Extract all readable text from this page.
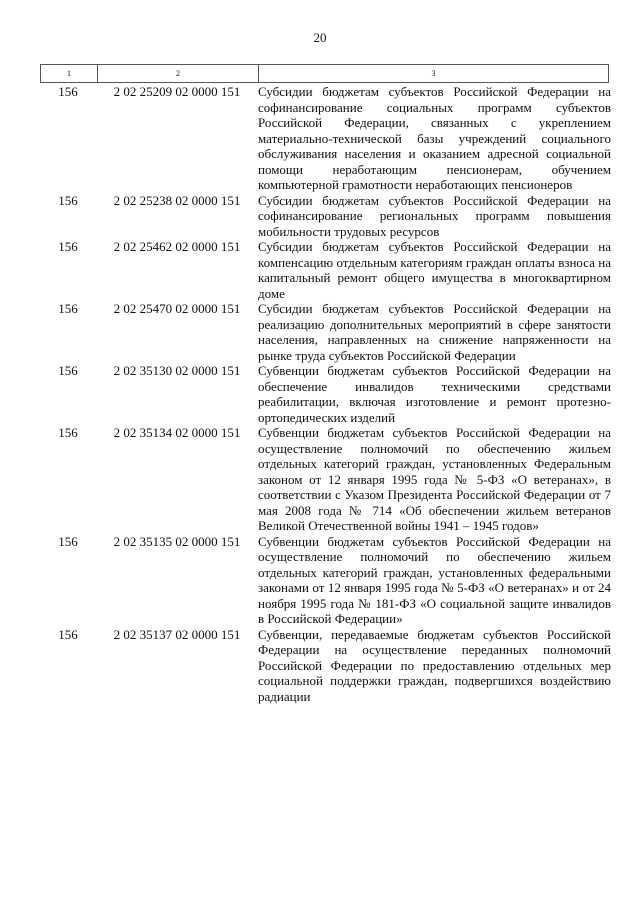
20
1	2	3
156	2 02 25209 02 0000 151	Субсидии бюджетам субъектов Российской Федерации на софинансирование социальных программ субъектов Российской Федерации, связанных с укреплением материально-технической базы учреждений социального обслуживания населения и оказанием адресной социальной помощи неработающим пенсионерам, обучением компьютерной грамотности неработающих пенсионеров
156	2 02 25238 02 0000 151	Субсидии бюджетам субъектов Российской Федерации на софинансирование региональных программ повышения мобильности трудовых ресурсов
156	2 02 25462 02 0000 151	Субсидии бюджетам субъектов Российской Федерации на компенсацию отдельным категориям граждан оплаты взноса на капитальный ремонт общего имущества в многоквартирном доме
156	2 02 25470 02 0000 151	Субсидии бюджетам субъектов Российской Федерации на реализацию дополнительных мероприятий в сфере занятости населения, направленных на снижение напряженности на рынке труда субъектов Российской Федерации
156	2 02 35130 02 0000 151	Субвенции бюджетам субъектов Российской Федерации на обеспечение инвалидов техническими средствами реабилитации, включая изготовление и ремонт протезно-ортопедических изделий
156	2 02 35134 02 0000 151	Субвенции бюджетам субъектов Российской Федерации на осуществление полномочий по обеспечению жильем отдельных категорий граждан, установленных Федеральным законом от 12 января 1995 года № 5-ФЗ «О ветеранах», в соответствии с Указом Президента Российской Федерации от 7 мая 2008 года № 714 «Об обеспечении жильем ветеранов Великой Отечественной войны 1941 – 1945 годов»
156	2 02 35135 02 0000 151	Субвенции бюджетам субъектов Российской Федерации на осуществление полномочий по обеспечению жильем отдельных категорий граждан, установленных федеральными законами от 12 января 1995 года № 5-ФЗ «О ветеранах» и от 24 ноября 1995 года № 181-ФЗ «О социальной защите инвалидов в Российской Федерации»
156	2 02 35137 02 0000 151	Субвенции, передаваемые бюджетам субъектов Российской Федерации на осуществление переданных полномочий Российской Федерации по предоставлению отдельных мер социальной поддержки граждан, подвергшихся воздействию радиации
